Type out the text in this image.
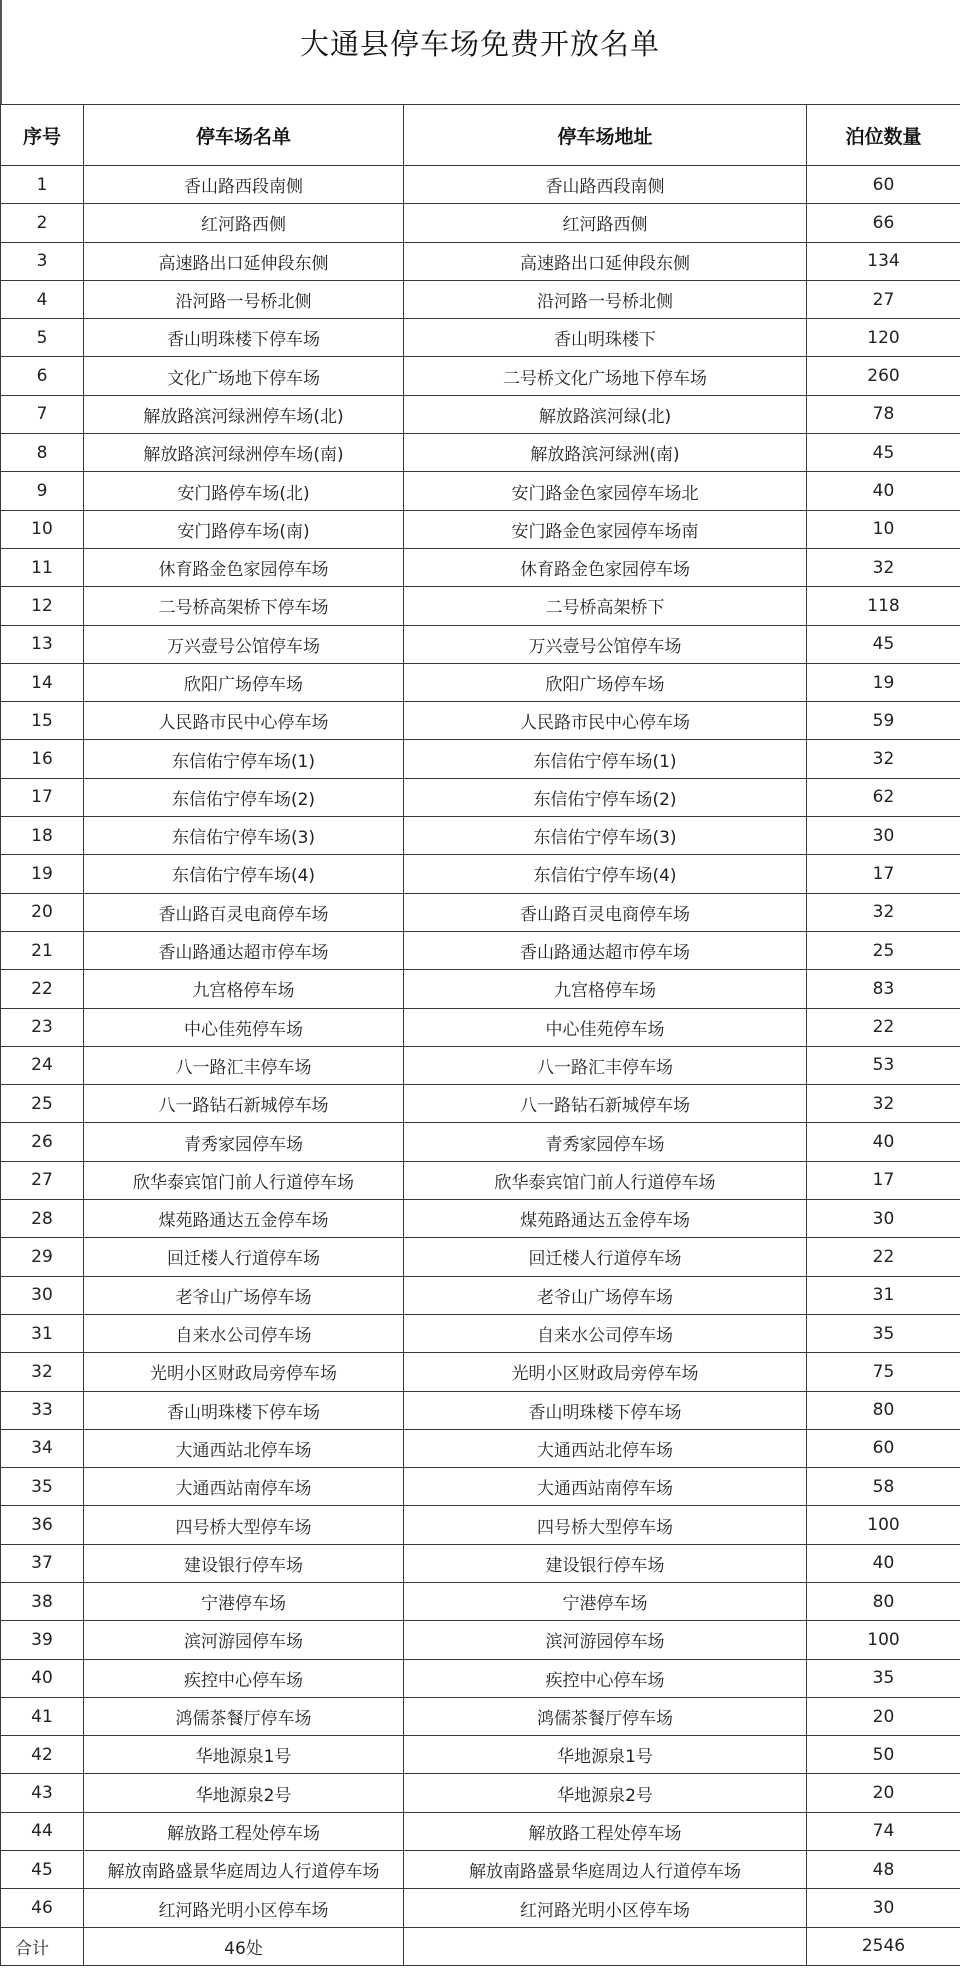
大通县停车场免费开放名单
序号	停车场名单	停车场地址	泊位数量
1	香山路西段南侧	香山路西段南侧	60
2	红河路西侧	红河路西侧	66
3	高速路出口延伸段东侧	高速路出口延伸段东侧	134
4	沿河路一号桥北侧	沿河路一号桥北侧	27
5	香山明珠楼下停车场	香山明珠楼下	120
6	文化广场地下停车场	二号桥文化广场地下停车场	260
7	解放路滨河绿洲停车场(北)	解放路滨河绿(北)	78
8	解放路滨河绿洲停车场(南)	解放路滨河绿洲(南)	45
9	安门路停车场(北)	安门路金色家园停车场北	40
10	安门路停车场(南)	安门路金色家园停车场南	10
11	休育路金色家园停车场	休育路金色家园停车场	32
12	二号桥高架桥下停车场	二号桥高架桥下	118
13	万兴壹号公馆停车场	万兴壹号公馆停车场	45
14	欣阳广场停车场	欣阳广场停车场	19
15	人民路市民中心停车场	人民路市民中心停车场	59
16	东信佑宁停车场(1)	东信佑宁停车场(1)	32
17	东信佑宁停车场(2)	东信佑宁停车场(2)	62
18	东信佑宁停车场(3)	东信佑宁停车场(3)	30
19	东信佑宁停车场(4)	东信佑宁停车场(4)	17
20	香山路百灵电商停车场	香山路百灵电商停车场	32
21	香山路通达超市停车场	香山路通达超市停车场	25
22	九宫格停车场	九宫格停车场	83
23	中心佳苑停车场	中心佳苑停车场	22
24	八一路汇丰停车场	八一路汇丰停车场	53
25	八一路钻石新城停车场	八一路钻石新城停车场	32
26	青秀家园停车场	青秀家园停车场	40
27	欣华泰宾馆门前人行道停车场	欣华泰宾馆门前人行道停车场	17
28	煤苑路通达五金停车场	煤苑路通达五金停车场	30
29	回迁楼人行道停车场	回迁楼人行道停车场	22
30	老爷山广场停车场	老爷山广场停车场	31
31	自来水公司停车场	自来水公司停车场	35
32	光明小区财政局旁停车场	光明小区财政局旁停车场	75
33	香山明珠楼下停车场	香山明珠楼下停车场	80
34	大通西站北停车场	大通西站北停车场	60
35	大通西站南停车场	大通西站南停车场	58
36	四号桥大型停车场	四号桥大型停车场	100
37	建设银行停车场	建设银行停车场	40
38	宁港停车场	宁港停车场	80
39	滨河游园停车场	滨河游园停车场	100
40	疾控中心停车场	疾控中心停车场	35
41	鸿儒茶餐厅停车场	鸿儒茶餐厅停车场	20
42	华地源泉1号	华地源泉1号	50
43	华地源泉2号	华地源泉2号	20
44	解放路工程处停车场	解放路工程处停车场	74
45	解放南路盛景华庭周边人行道停车场	解放南路盛景华庭周边人行道停车场	48
46	红河路光明小区停车场	红河路光明小区停车场	30
合计	46处		2546
